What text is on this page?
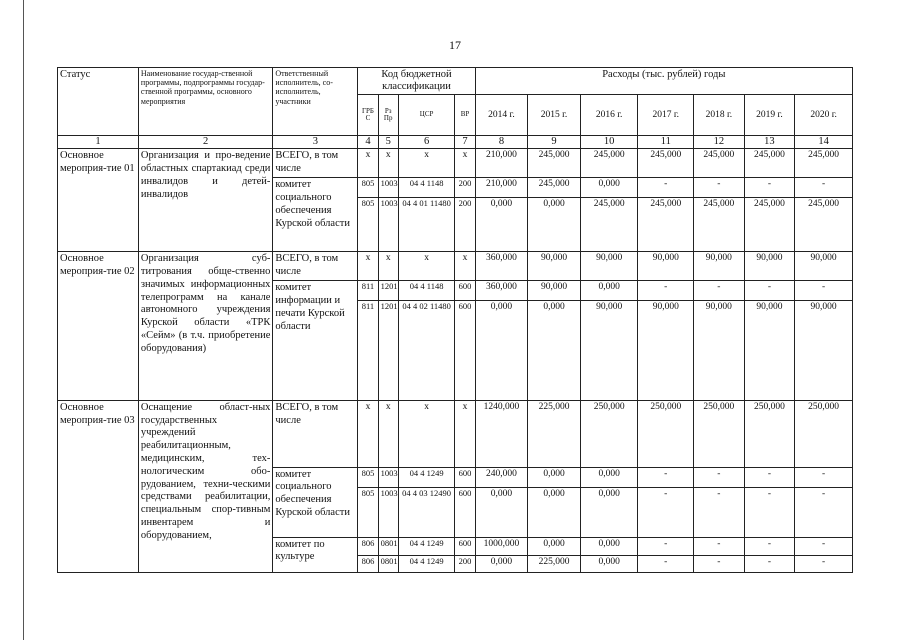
17
Статус	Наименование государ-ственной программы, подпрограммы государ-ственной программы, основного мероприятия	Ответственный исполнитель, со-исполнитель, участники	Код бюджетной классификации				Расходы (тыс. рублей) годы						
			ГРБ С	Рз Пр	ЦСР	ВР	2014 г.	2015 г.	2016 г.	2017 г.	2018 г.	2019 г.	2020 г.
1	2	3	4	5	6	7	8	9	10	11	12	13	14
Основное мероприя-тие 01	Организация и про-ведение областных спартакиад среди инвалидов и детей-инвалидов	ВСЕГО, в том числе	х	х	х	х	210,000	245,000	245,000	245,000	245,000	245,000	245,000
		комитет социального обеспечения Курской области	805	1003	04 4 1148	200	210,000	245,000	0,000	-	-	-	-
			805	1003	04 4 01 11480	200	0,000	0,000	245,000	245,000	245,000	245,000	245,000
Основное мероприя-тие 02	Организация суб-титрования обще-ственно значимых информационных телепрограмм на канале автономного учреждения Курской области «ТРК «Сейм» (в т.ч. приобретение оборудования)	ВСЕГО, в том числе	х	х	х	х	360,000	90,000	90,000	90,000	90,000	90,000	90,000
		комитет информации и печати Курской области	811	1201	04 4 1148	600	360,000	90,000	0,000	-	-	-	-
			811	1201	04 4 02 11480	600	0,000	0,000	90,000	90,000	90,000	90,000	90,000
Основное мероприя-тие 03	Оснащение област-ных государственных учреждений реабилитационным, медицинским, тех-нологическим обо-рудованием, техни-ческими средствами реабилитации, специальным спор-тивным инвентарем и оборудованием,	ВСЕГО, в том числе	х	х	х	х	1240,000	225,000	250,000	250,000	250,000	250,000	250,000
		комитет социального обеспечения Курской области	805	1003	04 4 1249	600	240,000	0,000	0,000	-	-	-	-
			805	1003	04 4 03 12490	600	0,000	0,000	0,000	-	-	-	-
		комитет по культуре	806	0801	04 4 1249	600	1000,000	0,000	0,000	-	-	-	-
			806	0801	04 4 1249	200	0,000	225,000	0,000	-	-	-	-
